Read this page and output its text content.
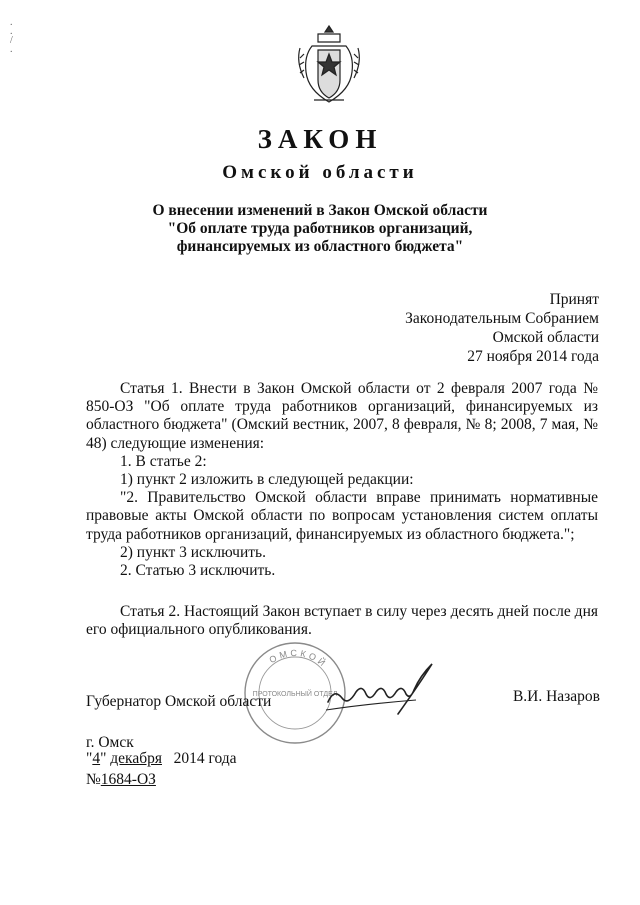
.
.
/
.
ЗАКОН
Омской области
О внесении изменений в Закон Омской области
"Об оплате труда работников организаций,
финансируемых из областного бюджета"
Принят
Законодательным Собранием
Омской области
27 ноября 2014 года

Статья 1. Внести в Закон Омской области от 2 февраля 2007 года № 850-ОЗ "Об оплате труда работников организаций, финансируемых из областного бюджета" (Омский вестник, 2007, 8 февраля, № 8; 2008, 7 мая, № 48) следующие изменения:

1. В статье 2:

1) пункт 2 изложить в следующей редакции:

"2. Правительство Омской области вправе принимать нормативные правовые акты Омской области по вопросам установления систем оплаты труда работников организаций, финансируемых из областного бюджета.";

2) пункт 3 исключить.

2. Статью 3 исключить.

Статья 2. Настоящий Закон вступает в силу через десять дней после дня его официального опубликования.

ОМСКОЙ
ПРОТОКОЛЬНЫЙ ОТДЕЛ
Губернатор Омской области	В.И. Назаров
г. Омск
"4" декабря 2014 года
№1684-ОЗ
